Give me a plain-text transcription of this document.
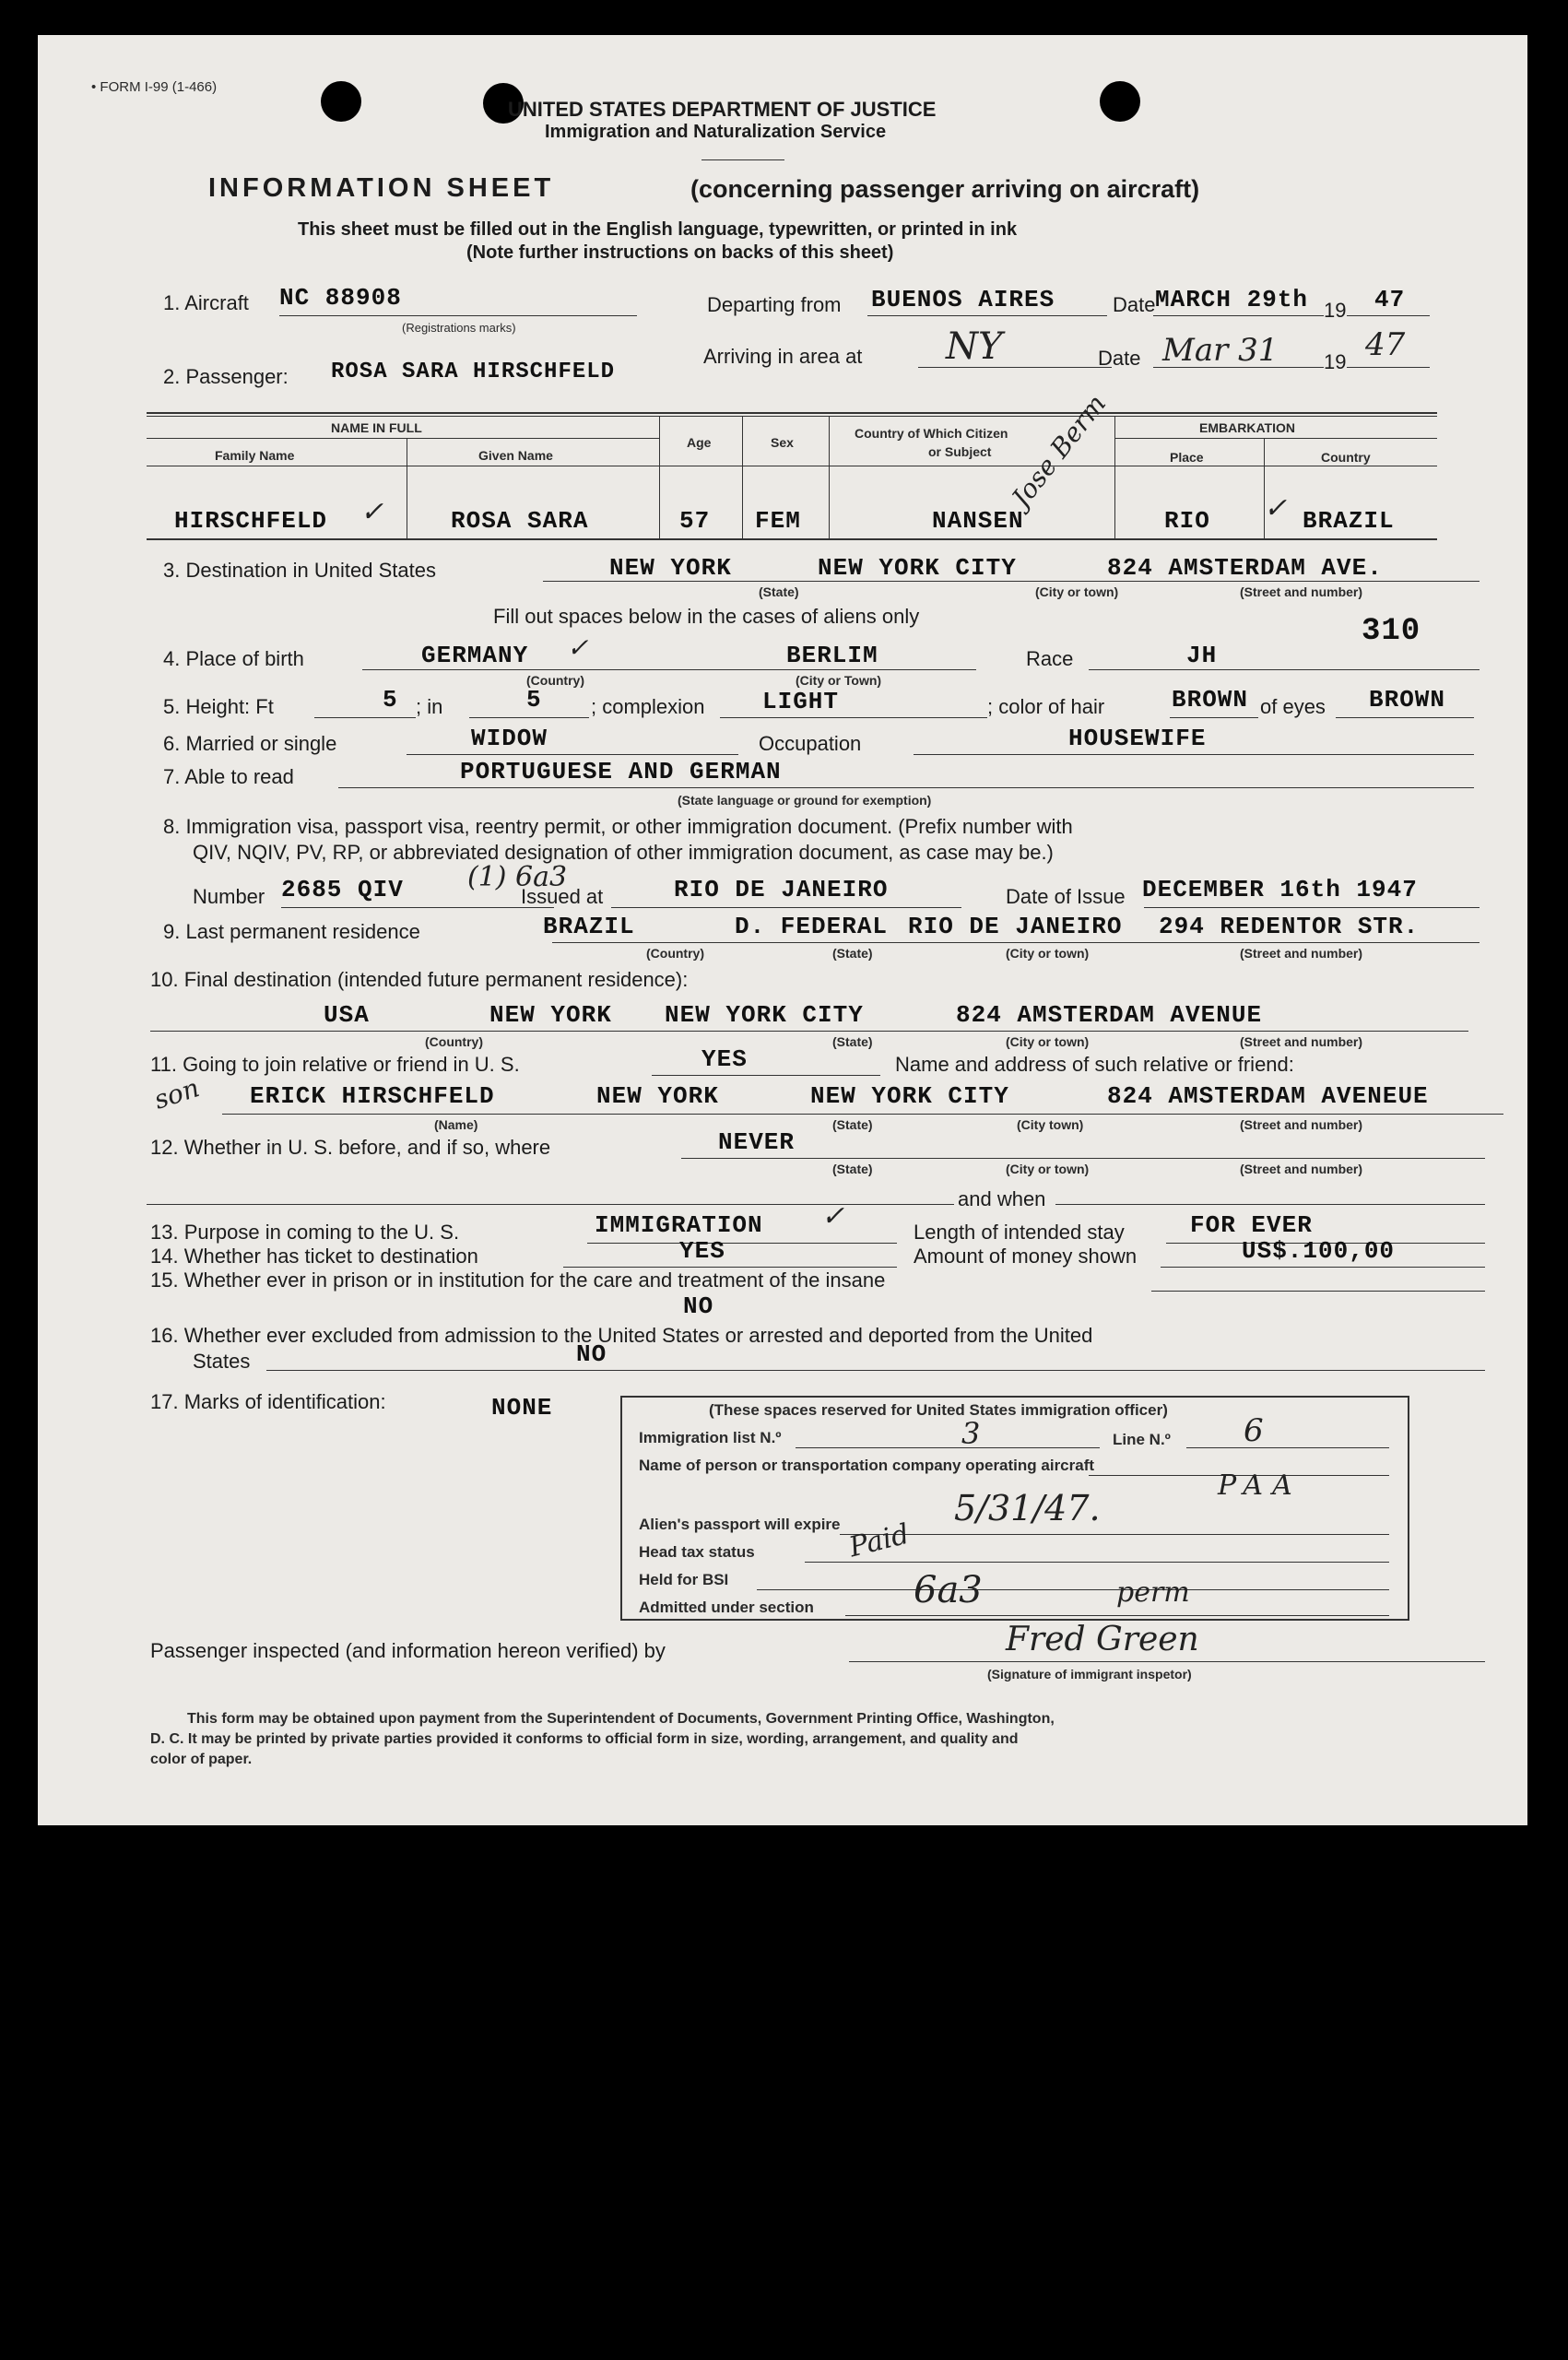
• FORM I-99 (1-466)
UNITED STATES DEPARTMENT OF JUSTICE
Immigration and Naturalization Service
INFORMATION SHEET	(concerning passenger arriving on aircraft)
This sheet must be filled out in the English language, typewritten, or printed in ink
(Note further instructions on backs of this sheet)
1. Aircraft NC 88908
(Registrations marks)
Departing from BUENOS AIRES	Date MARCH 29th 19 47
2. Passenger: ROSA SARA HIRSCHFELD
Arriving in area at NY	Date Mar 31 19 47
NAME IN FULL
Family Name	Given Name
Age	Sex
Country of Which Citizen
or Subject
EMBARKATION
Place	Country
HIRSCHFELD ✓	ROSA SARA	57 FEM	NANSEN	RIO	BRAZIL
✓
Jose Berm
3. Destination in United States	NEW YORK	NEW YORK CITY	824 AMSTERDAM AVE.
(State)	(City or town)	(Street and number)
Fill out spaces below in the cases of aliens only
4. Place of birth	GERMANY ✓	BERLIM
(Country)	(City or Town)
Race	JH
310
5. Height: Ft	5 ; in	5 ; complexion LIGHT	; color of hair	BROWN of eyes BROWN
6. Married or single	WIDOW	Occupation	HOUSEWIFE
7. Able to read	PORTUGUESE AND GERMAN
(State language or ground for exemption)
8. Immigration visa, passport visa, reentry permit, or other immigration document. (Prefix number with
QIV, NQIV, PV, RP, or abbreviated designation of other immigration document, as case may be.)
Number 2685 QIV (1) 6a3
Issued at	RIO DE JANEIRO	Date of Issue DECEMBER 16th 1947
9. Last permanent residence	BRAZIL	D. FEDERAL RIO DE JANEIRO 294 REDENTOR STR.
(Country)	(State)	(City or town)	(Street and number)
10. Final destination (intended future permanent residence):
USA	NEW YORK NEW YORK CITY	824 AMSTERDAM AVENUE
(Country)	(State)	(City or town)	(Street and number)
11. Going to join relative or friend in U. S.	YES	Name and address of such relative or friend:
son ERICK HIRSCHFELD	NEW YORK	NEW YORK CITY	824 AMSTERDAM AVENEUE
(Name)	(State)	(City town)	(Street and number)
12. Whether in U. S. before, and if so, where	NEVER
(State)	(City or town)	(Street and number)
and when
13. Purpose in coming to the U. S.	IMMIGRATION ✓	Length of intended stay	FOR EVER
14. Whether has ticket to destination	YES	Amount of money shown	US$.100,00
15. Whether ever in prison or in institution for the care and treatment of the insane
NO
16. Whether ever excluded from admission to the United States or arrested and deported from the United
States	NO
17. Marks of identification:	NONE	(These spaces reserved for United States immigration officer)
Immigration list N.º	3	Line N.º 6
Name of person or transportation company operating aircraft
PAA
Alien's passport will expire	5/31/47.
Head tax status	Paid
Held for BSI
Admitted under section	6a3	perm
Passenger inspected (and information hereon verified) by	Fred Green
(Signature of immigrant inspetor)
This form may be obtained upon payment from the Superintendent of Documents, Government Printing Office, Washington,
D. C. It may be printed by private parties provided it conforms to official form in size, wording, arrangement, and quality and
color of paper.
